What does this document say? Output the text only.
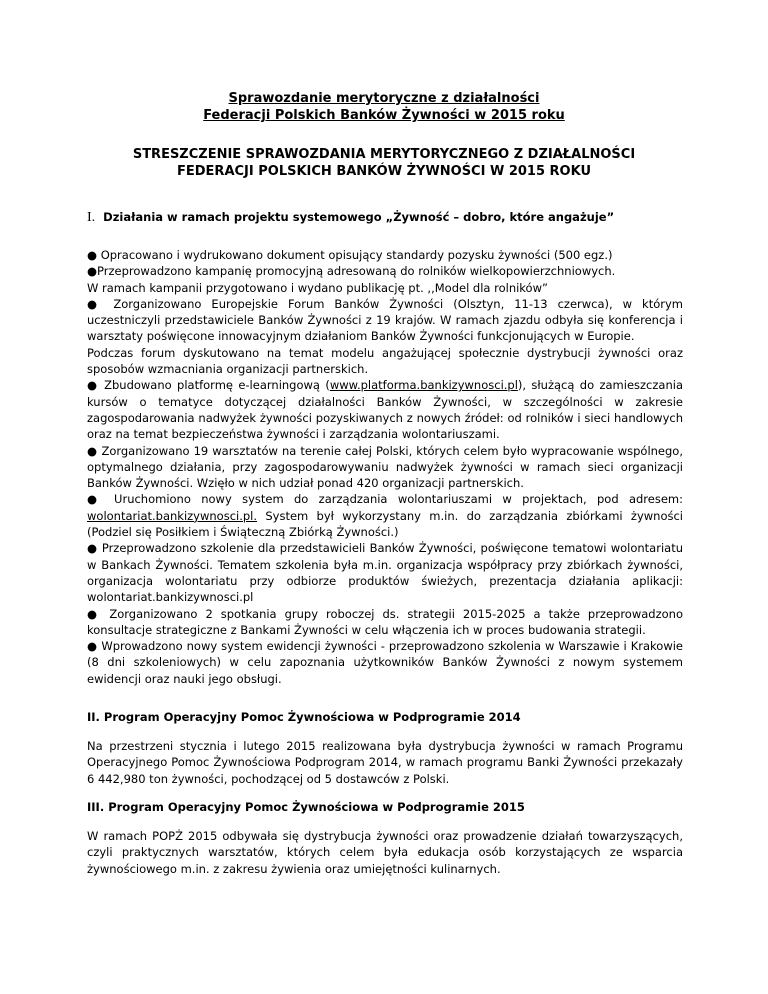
Sprawozdanie merytoryczne z działalności
Federacji Polskich Banków Żywności w 2015 roku
STRESZCZENIE SPRAWOZDANIA MERYTORYCZNEGO Z DZIAŁALNOŚCI
FEDERACJI POLSKICH BANKÓW ŻYWNOŚCI W 2015 ROKU
I. Działania w ramach projektu systemowego „Żywność – dobro, które angażuje”

● Opracowano i wydrukowano dokument opisujący standardy pozysku żywności (500 egz.)

●Przeprowadzono kampanię promocyjną adresowaną do rolników wielkopowierzchniowych.

W ramach kampanii przygotowano i wydano publikację pt. ,,Model dla rolników”

● Zorganizowano Europejskie Forum Banków Żywności (Olsztyn, 11-13 czerwca), w którym uczestniczyli przedstawiciele Banków Żywności z 19 krajów. W ramach zjazdu odbyła się konferencja i warsztaty poświęcone innowacyjnym działaniom Banków Żywności funkcjonujących w Europie.

Podczas forum dyskutowano na temat modelu angażującej społecznie dystrybucji żywności oraz sposobów wzmacniania organizacji partnerskich.

● Zbudowano platformę e-learningową (www.platforma.bankizywnosci.pl), służącą do zamieszczania kursów o tematyce dotyczącej działalności Banków Żywności, w szczególności w zakresie zagospodarowania nadwyżek żywności pozyskiwanych z nowych źródeł: od rolników i sieci handlowych oraz na temat bezpieczeństwa żywności i zarządzania wolontariuszami.

● Zorganizowano 19 warsztatów na terenie całej Polski, których celem było wypracowanie wspólnego, optymalnego działania, przy zagospodarowywaniu nadwyżek żywności w ramach sieci organizacji Banków Żywności. Wzięło w nich udział ponad 420 organizacji partnerskich.

● Uruchomiono nowy system do zarządzania wolontariuszami w projektach, pod adresem: wolontariat.bankizywnosci.pl. System był wykorzystany m.in. do zarządzania zbiórkami żywności (Podziel się Posiłkiem i Świąteczną Zbiórką Żywności.)

● Przeprowadzono szkolenie dla przedstawicieli Banków Żywności, poświęcone tematowi wolontariatu w Bankach Żywności. Tematem szkolenia była m.in. organizacja współpracy przy zbiórkach żywności, organizacja wolontariatu przy odbiorze produktów świeżych, prezentacja działania aplikacji: wolontariat.bankizywnosci.pl

● Zorganizowano 2 spotkania grupy roboczej ds. strategii 2015-2025 a także przeprowadzono konsultacje strategiczne z Bankami Żywności w celu włączenia ich w proces budowania strategii.

● Wprowadzono nowy system ewidencji żywności - przeprowadzono szkolenia w Warszawie i Krakowie (8 dni szkoleniowych) w celu zapoznania użytkowników Banków Żywności z nowym systemem ewidencji oraz nauki jego obsługi.

II. Program Operacyjny Pomoc Żywnościowa w Podprogramie 2014

Na przestrzeni stycznia i lutego 2015 realizowana była dystrybucja żywności w ramach Programu Operacyjnego Pomoc Żywnościowa Podprogram 2014, w ramach programu Banki Żywności przekazały 6 442,980 ton żywności, pochodzącej od 5 dostawców z Polski.

III. Program Operacyjny Pomoc Żywnościowa w Podprogramie 2015

W ramach POPŻ 2015 odbywała się dystrybucja żywności oraz prowadzenie działań towarzyszących, czyli praktycznych warsztatów, których celem była edukacja osób korzystających ze wsparcia żywnościowego m.in. z zakresu żywienia oraz umiejętności kulinarnych.
